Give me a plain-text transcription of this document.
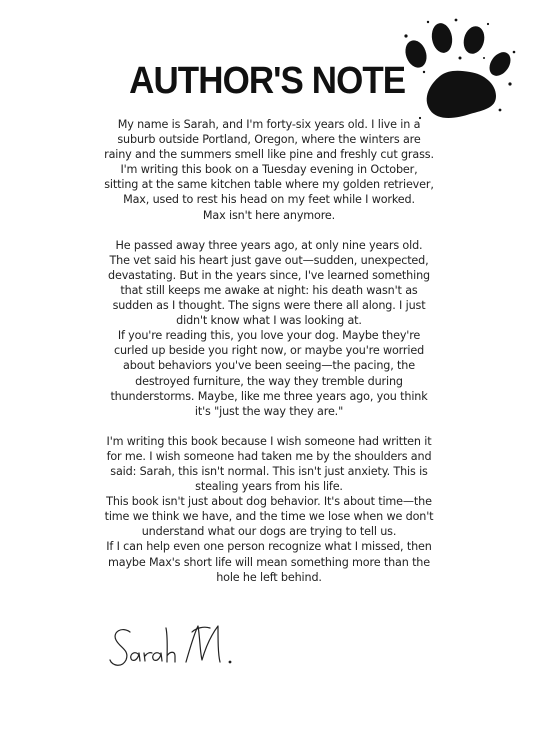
AUTHOR'S NOTE

My name is Sarah, and I'm forty-six years old. I live in a suburb outside Portland, Oregon, where the winters are rainy and the summers smell like pine and freshly cut grass. I'm writing this book on a Tuesday evening in October, sitting at the same kitchen table where my golden retriever, Max, used to rest his head on my feet while I worked.

Max isn't here anymore.

He passed away three years ago, at only nine years old. The vet said his heart just gave out—sudden, unexpected, devastating. But in the years since, I've learned something that still keeps me awake at night: his death wasn't as sudden as I thought. The signs were there all along. I just didn't know what I was looking at.

If you're reading this, you love your dog. Maybe they're curled up beside you right now, or maybe you're worried about behaviors you've been seeing—the pacing, the destroyed furniture, the way they tremble during thunderstorms. Maybe, like me three years ago, you think it's "just the way they are."

I'm writing this book because I wish someone had written it for me. I wish someone had taken me by the shoulders and said: Sarah, this isn't normal. This isn't just anxiety. This is stealing years from his life.

This book isn't just about dog behavior. It's about time—the time we think we have, and the time we lose when we don't understand what our dogs are trying to tell us.

If I can help even one person recognize what I missed, then maybe Max's short life will mean something more than the hole he left behind.
